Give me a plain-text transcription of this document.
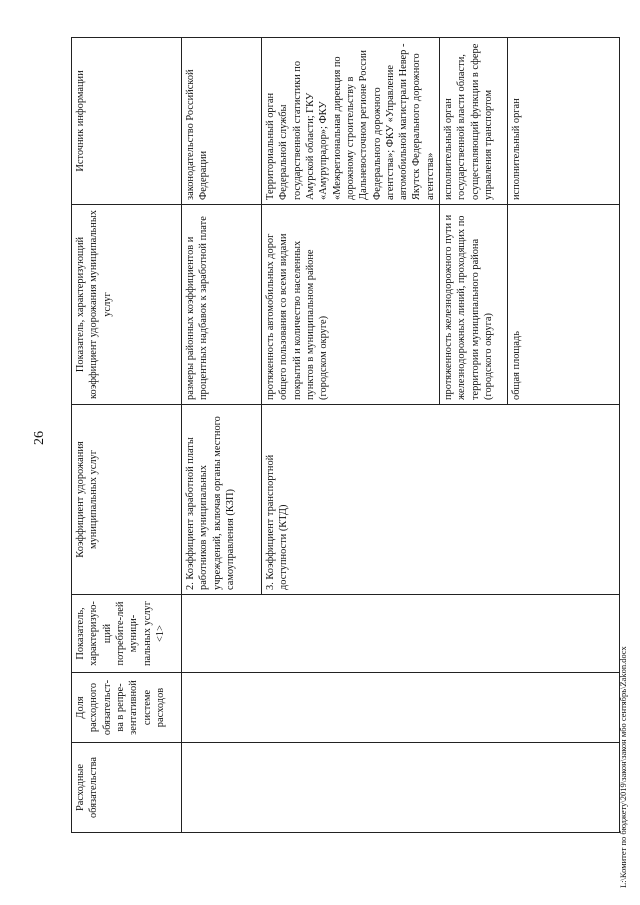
26
Расходные обязательства	Доля расходного обязательст-ва в репре-зентативной системе расходов	Показатель, характеризую-щий потребите-лей муници-пальных услуг <1>	Коэффициент удорожания муниципальных услуг	Показатель, характеризующий коэффициент удорожания муниципальных услуг	Источник информации
			2. Коэффициент заработной платы работников муниципальных учреждений, включая органы местного самоуправления (КЗП)	размеры районных коэффициентов и процентных надбавок к заработной плате	законодательство Российской Федерации
			3. Коэффициент транспортной доступности (КТД)	протяженность автомобильных дорог общего пользования со всеми видами покрытий и количество населенных пунктов в муниципальном районе (городском округе)	Территориальный орган Федеральной службы государственной статистики по Амурской области; ГКУ «Амурупрадор»; ФКУ «Межрегиональная дирекция по дорожному строительству в Дальневосточном регионе России Федерального дорожного агентства»; ФКУ «Управление автомобильной магистрали Невер - Якутск Федерального дорожного агентства»
				протяженность железнодорожного пути и железнодорожных линий, проходящих по территории муниципального района (городского округа)	исполнительный орган государственной власти области, осуществляющий функции в сфере управления транспортом
				общая площадь	исполнительный орган
L:\Комитет по бюджету\2019\закон\закон мбо сентябрь\Zakon.docx
